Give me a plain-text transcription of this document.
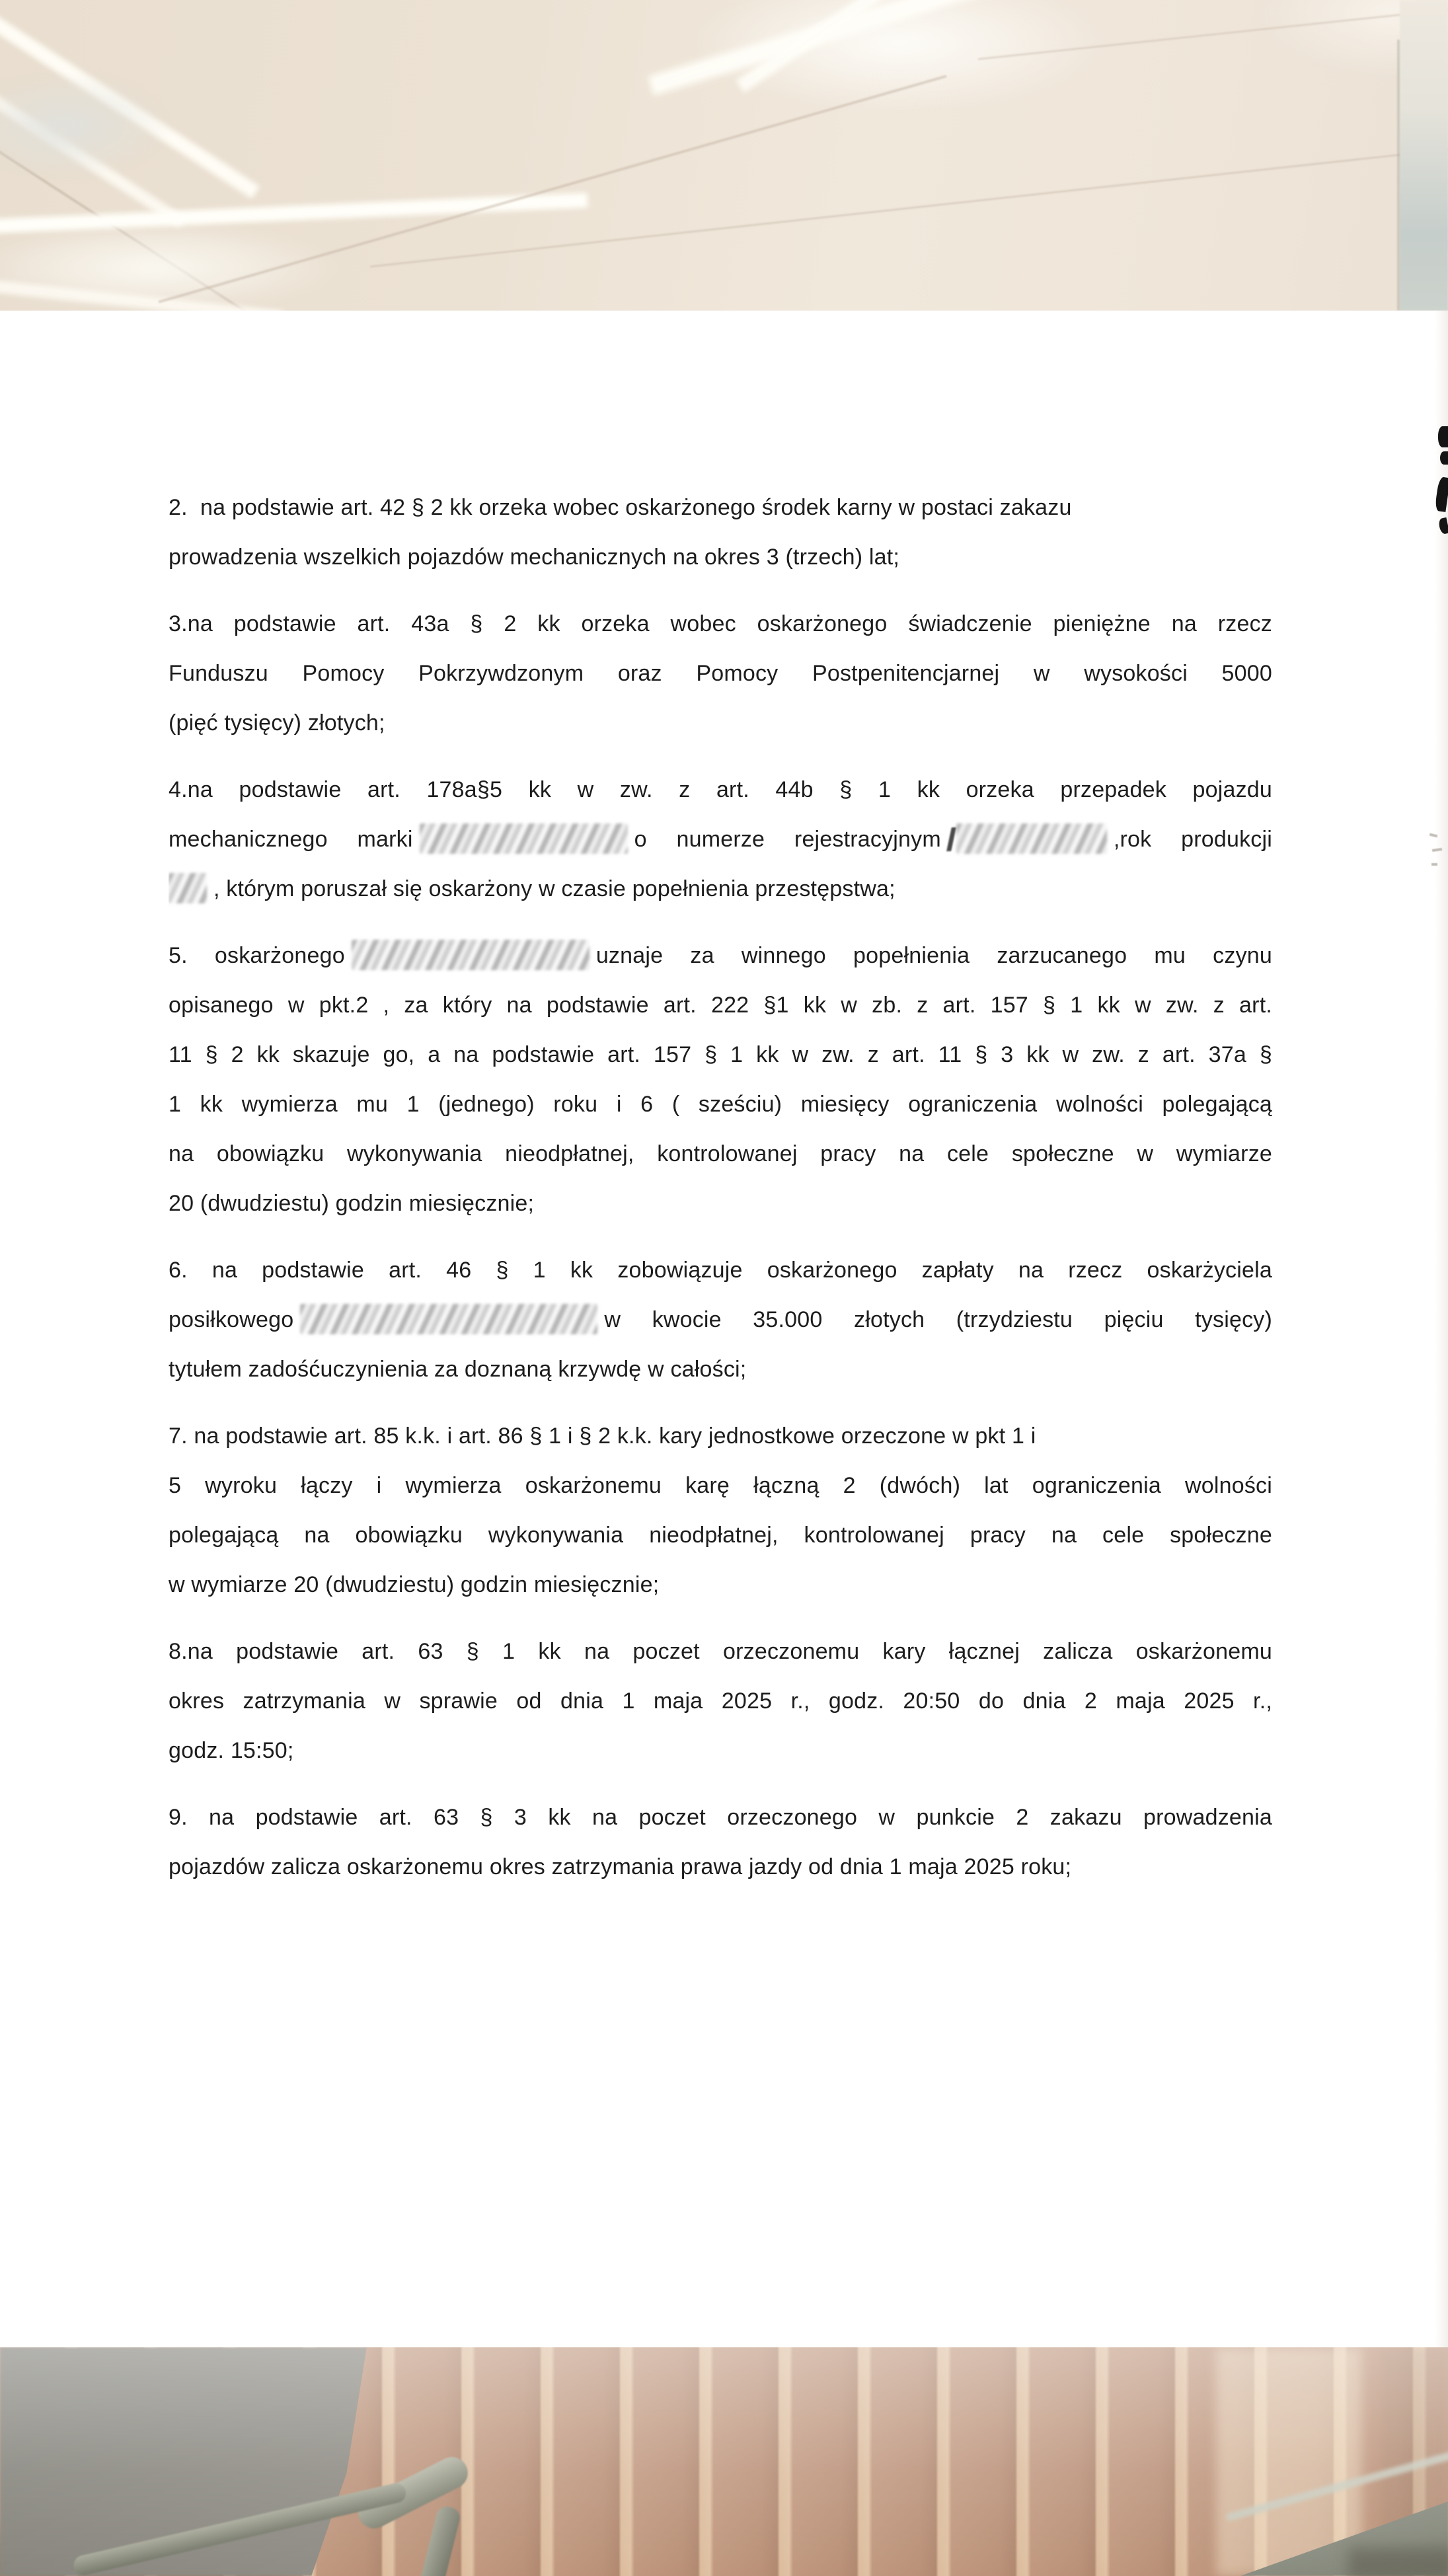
2.  na podstawie art. 42 § 2 kk orzeka wobec oskarżonego środek karny w postaci zakazu
prowadzenia wszelkich pojazdów mechanicznych na okres 3 (trzech) lat;
3.na podstawie art. 43a § 2 kk orzeka wobec oskarżonego świadczenie pieniężne na rzecz
Funduszu Pomocy Pokrzywdzonym oraz Pomocy Postpenitencjarnej w wysokości 5000
(pięć tysięcy) złotych;
4.na podstawie art. 178a§5 kk w zw. z art. 44b § 1 kk orzeka przepadek pojazdu
mechanicznego marki	o numerze rejestracyjnym	,rok produkcji
, którym poruszał się oskarżony w czasie popełnienia przestępstwa;
5. oskarżonego	uznaje za winnego popełnienia zarzucanego mu czynu
opisanego w pkt.2 , za który na podstawie art. 222 §1 kk w zb. z art. 157 § 1 kk w zw. z art.
11 § 2 kk skazuje go, a na podstawie art. 157 § 1 kk w zw. z art. 11 § 3 kk w zw. z art. 37a §
1 kk wymierza mu 1 (jednego) roku i 6 ( sześciu) miesięcy ograniczenia wolności polegającą
na obowiązku wykonywania nieodpłatnej, kontrolowanej pracy na cele społeczne w wymiarze
20 (dwudziestu) godzin miesięcznie;
6. na podstawie art. 46 § 1 kk zobowiązuje oskarżonego zapłaty na rzecz oskarżyciela
posiłkowego	w kwocie 35.000 złotych (trzydziestu pięciu tysięcy)
tytułem zadośćuczynienia za doznaną krzywdę w całości;
7. na podstawie art. 85 k.k. i art. 86 § 1 i § 2 k.k. kary jednostkowe orzeczone w pkt 1 i
5 wyroku łączy i wymierza oskarżonemu karę łączną 2 (dwóch) lat ograniczenia wolności
polegającą na obowiązku wykonywania nieodpłatnej, kontrolowanej pracy na cele społeczne
w wymiarze 20 (dwudziestu) godzin miesięcznie;
8.na podstawie art. 63 § 1 kk na poczet orzeczonemu kary łącznej zalicza oskarżonemu
okres zatrzymania w sprawie od dnia 1 maja 2025 r., godz. 20:50 do dnia 2 maja 2025 r.,
godz. 15:50;
9. na podstawie art. 63 § 3 kk na poczet orzeczonego w punkcie 2 zakazu prowadzenia
pojazdów zalicza oskarżonemu okres zatrzymania prawa jazdy od dnia 1 maja 2025 roku;
